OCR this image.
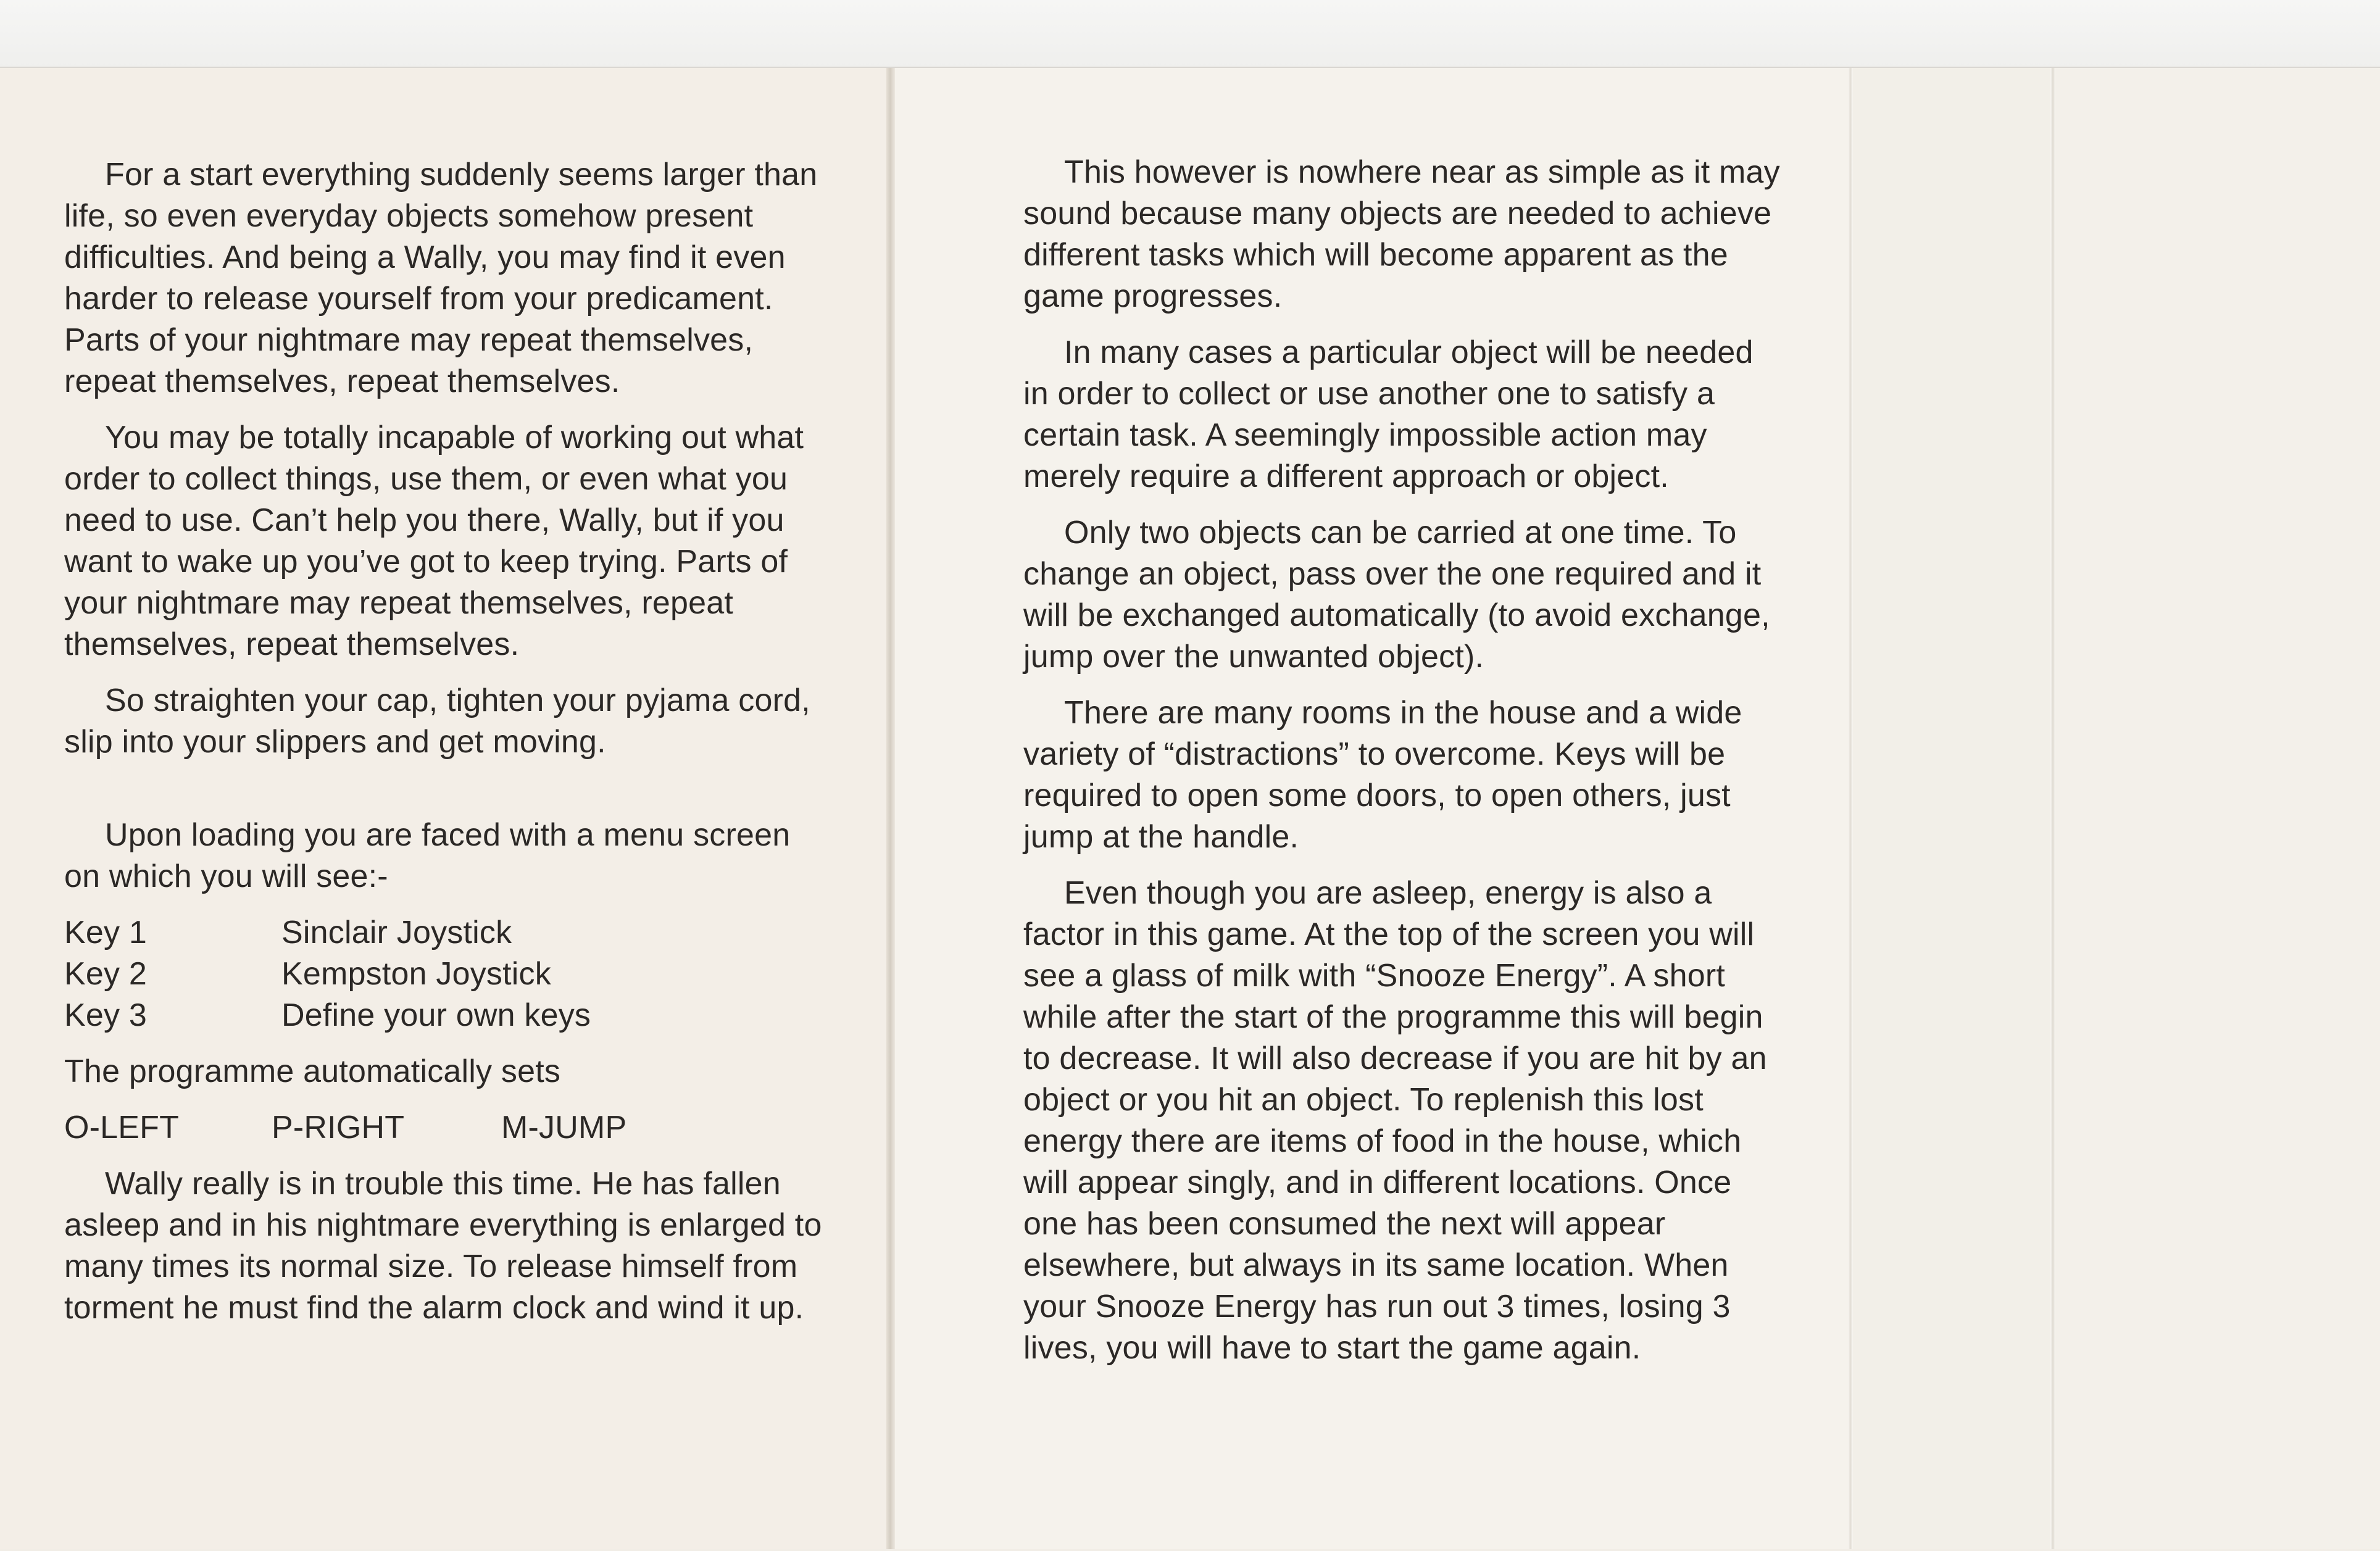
For a start everything suddenly seems larger than life, so even everyday objects somehow present difficulties. And being a Wally, you may find it even harder to release yourself from your predicament. Parts of your nightmare may repeat themselves, repeat themselves, repeat themselves.

You may be totally incapable of working out what order to collect things, use them, or even what you need to use. Can’t help you there, Wally, but if you want to wake up you’ve got to keep trying. Parts of your nightmare may repeat themselves, repeat themselves, repeat themselves.

So straighten your cap, tighten your pyjama cord, slip into your slippers and get moving.

Upon loading you are faced with a menu screen on which you will see:-

Key 1	Sinclair Joystick
Key 2	Kempston Joystick
Key 3	Define your own keys

The programme automatically sets

O-LEFT	P-RIGHT	M-JUMP

Wally really is in trouble this time. He has fallen asleep and in his nightmare everything is enlarged to many times its normal size. To release himself from torment he must find the alarm clock and wind it up.

This however is nowhere near as simple as it may sound because many objects are needed to achieve different tasks which will become apparent as the game progresses.

In many cases a particular object will be needed in order to collect or use another one to satisfy a certain task. A seemingly impossible action may merely require a different approach or object.

Only two objects can be carried at one time. To change an object, pass over the one required and it will be exchanged automatically (to avoid exchange, jump over the unwanted object).

There are many rooms in the house and a wide variety of “distractions” to overcome. Keys will be required to open some doors, to open others, just jump at the handle.

Even though you are asleep, energy is also a factor in this game. At the top of the screen you will see a glass of milk with “Snooze Energy”. A short while after the start of the programme this will begin to decrease. It will also decrease if you are hit by an object or you hit an object. To replenish this lost energy there are items of food in the house, which will appear singly, and in different locations. Once one has been consumed the next will appear elsewhere, but always in its same location. When your Snooze Energy has run out 3 times, losing 3 lives, you will have to start the game again.
